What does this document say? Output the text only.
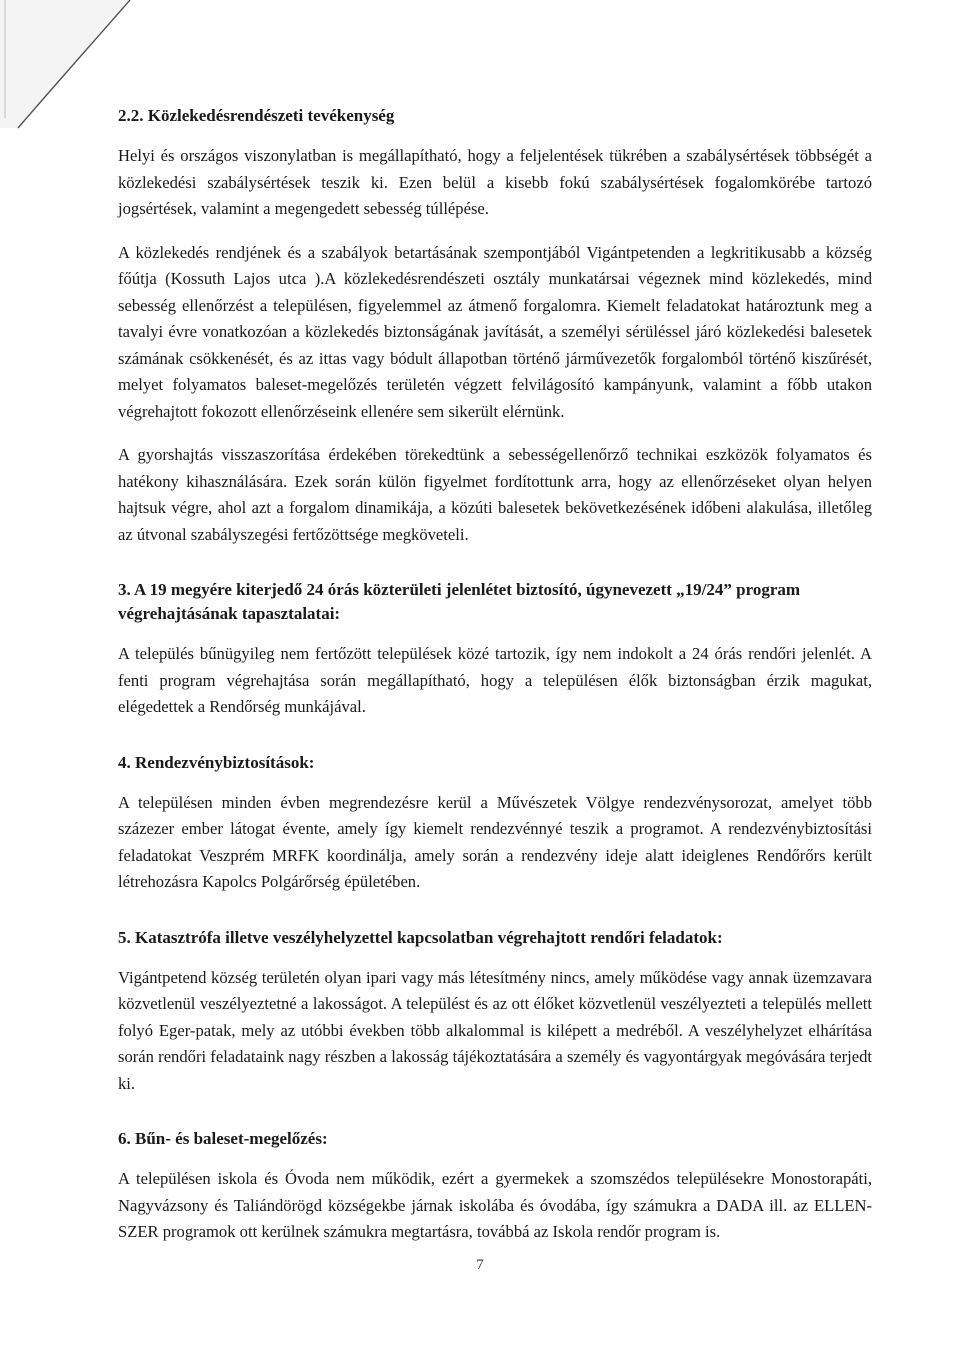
2.2. Közlekedésrendészeti tevékenység

Helyi és országos viszonylatban is megállapítható, hogy a feljelentések tükrében a szabálysértések többségét a közlekedési szabálysértések teszik ki. Ezen belül a kisebb fokú szabálysértések fogalomkörébe tartozó jogsértések, valamint a megengedett sebesség túllépése.

A közlekedés rendjének és a szabályok betartásának szempontjából Vigántpetenden a legkritikusabb a község főútja (Kossuth Lajos utca ).A közlekedésrendészeti osztály munkatársai végeznek mind közlekedés, mind sebesség ellenőrzést a településen, figyelemmel az átmenő forgalomra. Kiemelt feladatokat határoztunk meg a tavalyi évre vonatkozóan a közlekedés biztonságának javítását, a személyi sérüléssel járó közlekedési balesetek számának csökkenését, és az ittas vagy bódult állapotban történő járművezetők forgalomból történő kiszűrését, melyet folyamatos baleset-megelőzés területén végzett felvilágosító kampányunk, valamint a főbb utakon végrehajtott fokozott ellenőrzéseink ellenére sem sikerült elérnünk.

A gyorshajtás visszaszorítása érdekében törekedtünk a sebességellenőrző technikai eszközök folyamatos és hatékony kihasználására. Ezek során külön figyelmet fordítottunk arra, hogy az ellenőrzéseket olyan helyen hajtsuk végre, ahol azt a forgalom dinamikája, a közúti balesetek bekövetkezésének időbeni alakulása, illetőleg az útvonal szabályszegési fertőzöttsége megköveteli.

3. A 19 megyére kiterjedő 24 órás közterületi jelenlétet biztosító, úgynevezett „19/24” program végrehajtásának tapasztalatai:

A település bűnügyileg nem fertőzött települések közé tartozik, így nem indokolt a 24 órás rendőri jelenlét. A fenti program végrehajtása során megállapítható, hogy a településen élők biztonságban érzik magukat, elégedettek a Rendőrség munkájával.

4. Rendezvénybiztosítások:

A településen minden évben megrendezésre kerül a Művészetek Völgye rendezvénysorozat, amelyet több százezer ember látogat évente, amely így kiemelt rendezvénnyé teszik a programot. A rendezvénybiztosítási feladatokat Veszprém MRFK koordinálja, amely során a rendezvény ideje alatt ideiglenes Rendőrőrs került létrehozásra Kapolcs Polgárőrség épületében.

5. Katasztrófa illetve veszélyhelyzettel kapcsolatban végrehajtott rendőri feladatok:

Vigántpetend község területén olyan ipari vagy más létesítmény nincs, amely működése vagy annak üzemzavara közvetlenül veszélyeztetné a lakosságot. A települést és az ott élőket közvetlenül veszélyezteti a település mellett folyó Eger-patak, mely az utóbbi években több alkalommal is kilépett a medréből. A veszélyhelyzet elhárítása során rendőri feladataink nagy részben a lakosság tájékoztatására a személy és vagyontárgyak megóvására terjedt ki.

6. Bűn- és baleset-megelőzés:

A településen iskola és Óvoda nem működik, ezért a gyermekek a szomszédos településekre Monostorapáti, Nagyvázsony és Taliándörögd községekbe járnak iskolába és óvodába, így számukra a DADA ill. az ELLEN-SZER programok ott kerülnek számukra megtartásra, továbbá az Iskola rendőr program is.

7
